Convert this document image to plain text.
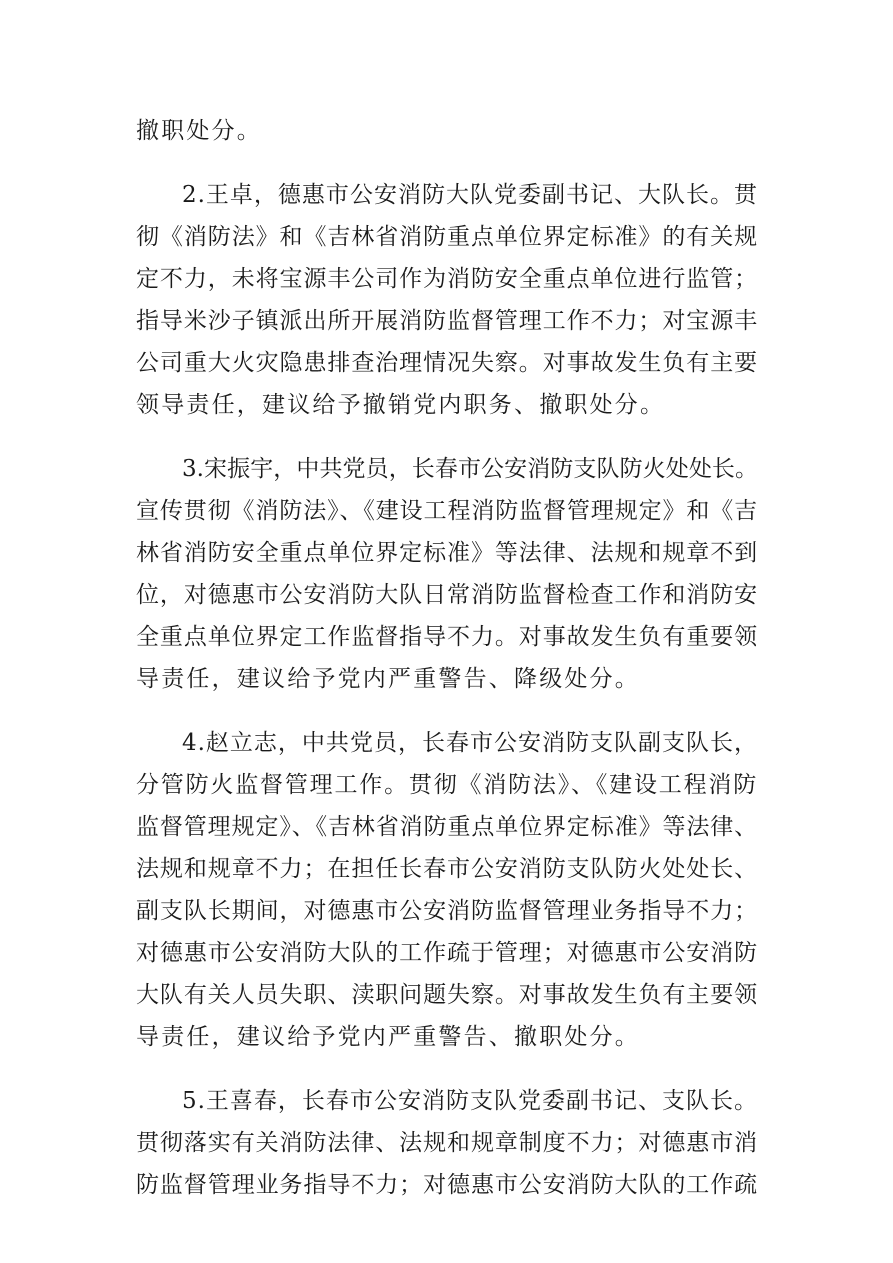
撤职处分。
2.王卓，德惠市公安消防大队党委副书记、大队长。贯
彻《消防法》和《吉林省消防重点单位界定标准》的有关规
定不力，未将宝源丰公司作为消防安全重点单位进行监管；
指导米沙子镇派出所开展消防监督管理工作不力；对宝源丰
公司重大火灾隐患排查治理情况失察。对事故发生负有主要
领导责任，建议给予撤销党内职务、撤职处分。
3.宋振宇，中共党员，长春市公安消防支队防火处处长。
宣传贯彻《消防法》、《建设工程消防监督管理规定》和《吉
林省消防安全重点单位界定标准》等法律、法规和规章不到
位，对德惠市公安消防大队日常消防监督检查工作和消防安
全重点单位界定工作监督指导不力。对事故发生负有重要领
导责任，建议给予党内严重警告、降级处分。
4.赵立志，中共党员，长春市公安消防支队副支队长，
分管防火监督管理工作。贯彻《消防法》、《建设工程消防
监督管理规定》、《吉林省消防重点单位界定标准》等法律、
法规和规章不力；在担任长春市公安消防支队防火处处长、
副支队长期间，对德惠市公安消防监督管理业务指导不力；
对德惠市公安消防大队的工作疏于管理；对德惠市公安消防
大队有关人员失职、渎职问题失察。对事故发生负有主要领
导责任，建议给予党内严重警告、撤职处分。
5.王喜春，长春市公安消防支队党委副书记、支队长。
贯彻落实有关消防法律、法规和规章制度不力；对德惠市消
防监督管理业务指导不力；对德惠市公安消防大队的工作疏
